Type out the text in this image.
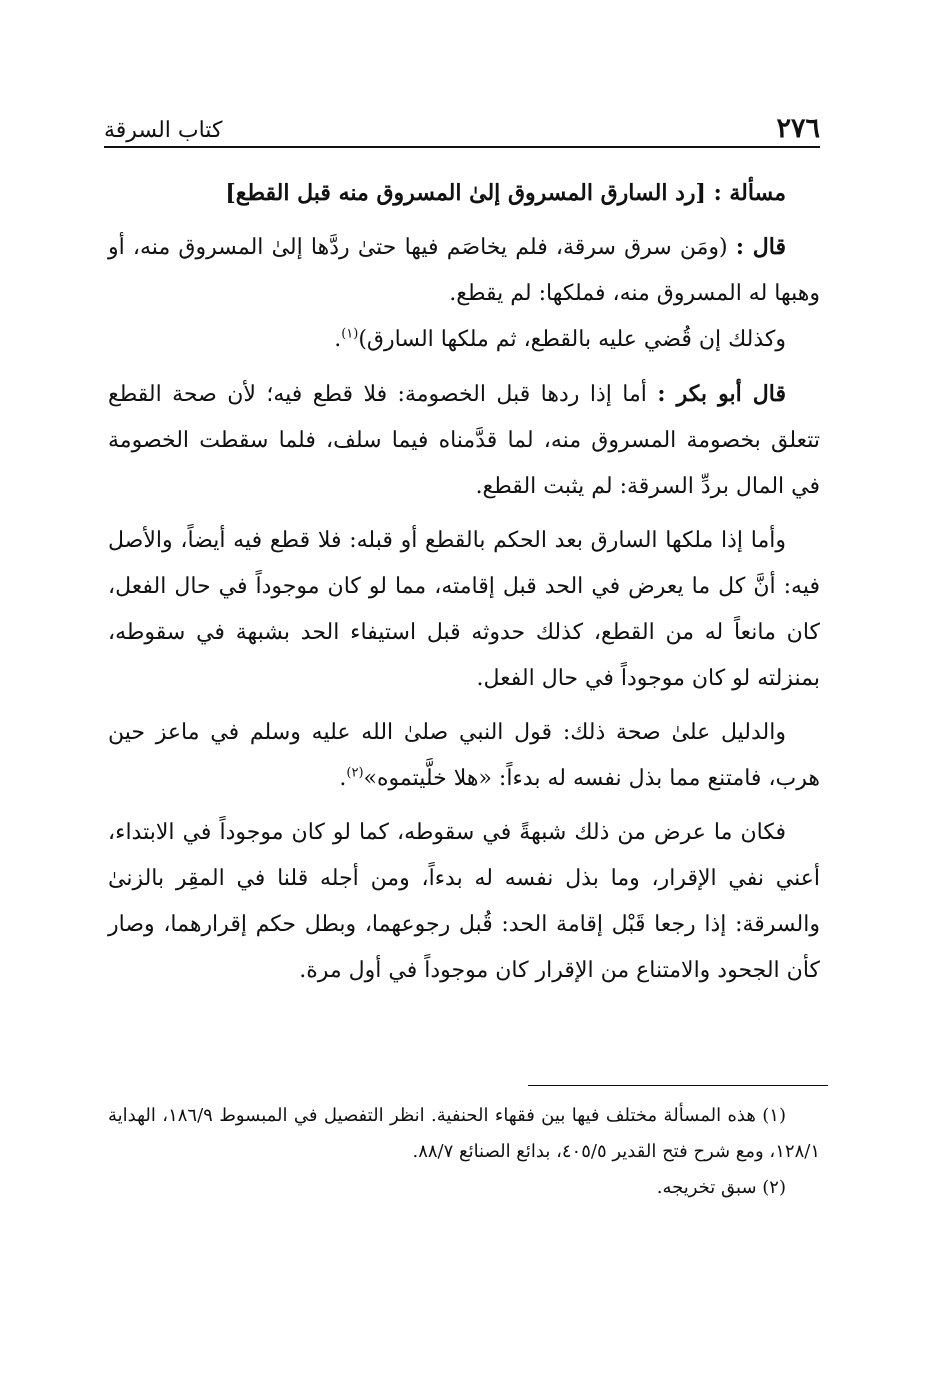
٢٧٦
كتاب السرقة

مسألة : [رد السارق المسروق إلىٰ المسروق منه قبل القطع]

قال : (ومَن سرق سرقة، فلم يخاصَم فيها حتىٰ ردَّها إلىٰ المسروق منه، أو وهبها له المسروق منه، فملكها: لم يقطع.

وكذلك إن قُضي عليه بالقطع، ثم ملكها السارق)$^{(١)}$.

قال أبو بكر : أما إذا ردها قبل الخصومة: فلا قطع فيه؛ لأن صحة القطع تتعلق بخصومة المسروق منه، لما قدَّمناه فيما سلف، فلما سقطت الخصومة في المال بردِّ السرقة: لم يثبت القطع.

وأما إذا ملكها السارق بعد الحكم بالقطع أو قبله: فلا قطع فيه أيضاً، والأصل فيه: أنَّ كل ما يعرض في الحد قبل إقامته، مما لو كان موجوداً في حال الفعل، كان مانعاً له من القطع، كذلك حدوثه قبل استيفاء الحد بشبهة في سقوطه، بمنزلته لو كان موجوداً في حال الفعل.

والدليل علىٰ صحة ذلك: قول النبي صلىٰ الله عليه وسلم في ماعز حين هرب، فامتنع مما بذل نفسه له بدءاً: «هلا خلَّيتموه»$^{(٢)}$.

فكان ما عرض من ذلك شبهةً في سقوطه، كما لو كان موجوداً في الابتداء، أعني نفي الإقرار، وما بذل نفسه له بدءاً، ومن أجله قلنا في المقِر بالزنىٰ والسرقة: إذا رجعا قَبْل إقامة الحد: قُبل رجوعهما، وبطل حكم إقرارهما، وصار كأن الجحود والامتناع من الإقرار كان موجوداً في أول مرة.

(١) هذه المسألة مختلف فيها بين فقهاء الحنفية. انظر التفصيل في المبسوط ١٨٦/٩، الهداية ١٢٨/١، ومع شرح فتح القدير ٤٠٥/٥، بدائع الصنائع ٨٨/٧.

(٢) سبق تخريجه.
